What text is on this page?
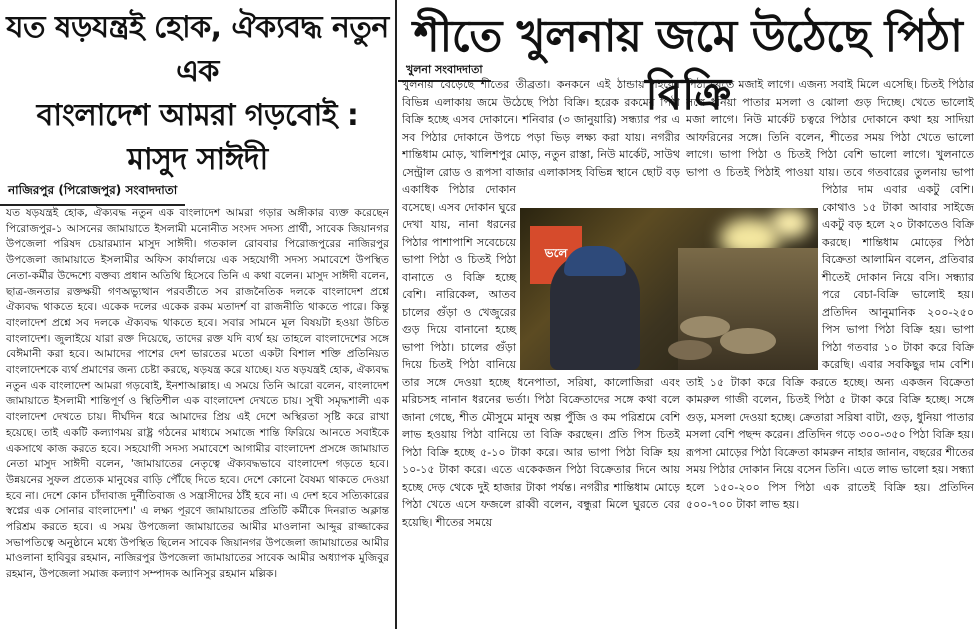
যত ষড়যন্ত্রই হোক, ঐক্যবদ্ধ নতুন এক
বাংলাদেশ আমরা গড়বোই : মাসুদ সাঈদী
নাজিরপুর (পিরোজপুর) সংবাদদাতা

যত ষড়যন্ত্রই হোক, ঐক্যবদ্ধ নতুন এক বাংলাদেশ আমরা গড়ার অঙ্গীকার ব্যক্ত করেছেন পিরোজপুর-১ আসনের জামায়াতে ইসলামী মনোনীত সংসদ সদস্য প্রার্থী, সাবেক জিয়ানগর উপজেলা পরিষদ চেয়ারম্যান মাসুদ সাঈদী। গতকাল রোববার পিরোজপুরের নাজিরপুর উপজেলা জামায়াতে ইসলামীর অফিস কার্যালয়ে এক সহযোগী সদস্য সমাবেশে উপস্থিত নেতা-কর্মীর উদ্দেশ্যে বক্তব্য প্রধান অতিথি হিসেবে তিনি এ কথা বলেন। মাসুদ সাঈদী বলেন, ছাত্র-জনতার রক্তক্ষয়ী গণঅভ্যুত্থান পরবর্তীতে সব রাজনৈতিক দলকে বাংলাদেশ প্রশ্নে ঐক্যবদ্ধ থাকতে হবে। একেক দলের একেক রকম মতাদর্শ বা রাজনীতি থাকতে পারে। কিন্তু বাংলাদেশ প্রশ্নে সব দলকে ঐক্যবদ্ধ থাকতে হবে। সবার সামনে মূল বিষয়টা হওয়া উচিত বাংলাদেশ। জুলাইয়ে যারা রক্ত দিয়েছে, তাদের রক্ত যদি ব্যর্থ হয় তাহলে বাংলাদেশের সঙ্গে বেঈমানী করা হবে। আমাদের পাশের দেশ ভারতের মতো একটা বিশাল শক্তি প্রতিনিয়ত বাংলাদেশকে ব্যর্থ প্রমাণের জন্য চেষ্টা করছে, ষড়যন্ত্র করে যাচ্ছে। যত ষড়যন্ত্রই হোক, ঐক্যবদ্ধ নতুন এক বাংলাদেশ আমরা গড়বোই, ইনশাআল্লাহ। এ সময়ে তিনি আরো বলেন, বাংলাদেশ জামায়াতে ইসলামী শান্তিপূর্ণ ও স্থিতিশীল এক বাংলাদেশ দেখতে চায়। সুখী সমৃদ্ধশালী এক বাংলাদেশ দেখতে চায়। দীর্ঘদিন ধরে আমাদের প্রিয় এই দেশে অস্থিরতা সৃষ্টি করে রাখা হয়েছে। তাই একটি কল্যাণময় রাষ্ট্র গঠনের মাধ্যমে সমাজে শান্তি ফিরিয়ে আনতে সবাইকে একসাথে কাজ করতে হবে। সহযোগী সদস্য সমাবেশে আগামীর বাংলাদেশ প্রসঙ্গে জামায়াত নেতা মাসুদ সাঈদী বলেন, 'জামায়াতের নেতৃত্বে ঐক্যবদ্ধভাবে বাংলাদেশ গড়তে হবে। উন্নয়নের সুফল প্রত্যেক মানুষের বাড়ি পৌঁছে দিতে হবে। দেশে কোনো বৈষম্য থাকতে দেওয়া হবে না। দেশে কোন চাঁদাবাজ দুর্নীতিবাজ ও সন্ত্রাসীদের ঠাঁই হবে না। এ দেশ হবে সত্যিকারের স্বপ্নের এক সোনার বাংলাদেশ।' এ লক্ষ্য পূরণে জামায়াতের প্রতিটি কর্মীকে দিনরাত অক্লান্ত পরিশ্রম করতে হবে। এ সময় উপজেলা জামায়াতের আমীর মাওলানা আব্দুর রাজ্জাকের সভাপতিত্বে অনুষ্ঠানে মধ্যে উপস্থিত ছিলেন সাবেক জিয়ানগর উপজেলা জামায়াতের আমীর মাওলানা হাবিবুর রহমান, নাজিরপুর উপজেলা জামায়াতের সাবেক আমীর অধ্যাপক মুজিবুর রহমান, উপজেলা সমাজ কল্যাণ সম্পাদক আনিসুর রহমান মল্লিক।

শীতে খুলনায় জমে উঠেছে পিঠা বিক্রি
খুলনা সংবাদদাতা

খুলনায় বেড়েছে শীতের তীব্রতা। কনকনে এই ঠান্ডায় শহরের বিভিন্ন এলাকায় জমে উঠেছে পিঠা বিক্রি। হরেক রকমের পিঠা বিক্রি হচ্ছে এসব দোকানে। শনিবার (৩ জানুয়ারি) সন্ধ্যার পর এ সব পিঠার দোকানে উপচে পড়া ভিড় লক্ষ্য করা যায়। নগরীর শান্তিধাম মোড়, খালিশপুর মোড়, নতুন রাস্তা, নিউ মার্কেট, সাউথ সেন্ট্রাল রোড ও রূপসা বাজার এলাকাসহ বিভিন্ন স্থানে ছোট বড় একাধিক পিঠার দোকান বসেছে। এসব দোকান ঘুরে দেখা যায়, নানা ধরনের পিঠার পাশাপাশি সবেচেয়ে ভাপা পিঠা ও চিতই পিঠা বানাতে ও বিক্রি হচ্ছে বেশি। নারিকেল, আতব চালের গুঁড়া ও খেজুরের গুড় দিয়ে বানানো হচ্ছে ভাপা পিঠা। চালের গুঁড়া দিয়ে চিতই পিঠা বানিয়ে তার সঙ্গে দেওয়া হচ্ছে ধনেপাতা, সরিষা, কালোজিরা এবং মরিচসহ নানান ধরনের ভর্তা। পিঠা বিক্রেতাদের সঙ্গে কথা বলে জানা গেছে, শীত মৌসুমে মানুষ অল্প পুঁজি ও কম পরিশ্রমে বেশি লাভ হওয়ায় পিঠা বানিয়ে তা বিক্রি করছেন। প্রতি পিস চিতই পিঠা বিক্রি হচ্ছে ৫-১০ টাকা করে। আর ভাপা পিঠা বিক্রি হয় ১০-১৫ টাকা করে। এতে একেকজন পিঠা বিক্রেতার দিনে আয় হচ্ছে দেড় থেকে দুই হাজার টাকা পর্যন্ত। নগরীর শান্তিধাম মোড়ে পিঠা খেতে এসে ফজলে রাব্বী বলেন, বন্ধুরা মিলে ঘুরতে বের হয়েছি। শীতের সময়ে

পিঠা খেতে মজাই লাগে। এজন্য সবাই মিলে এসেছি। চিতই পিঠার সঙ্গে ধনিয়া পাতার মসলা ও ঝোলা গুড় দিচ্ছে। খেতে ভালোই মজা লাগে। নিউ মার্কেট চত্বরে পিঠার দোকানে কথা হয় সাদিয়া আফরিনের সঙ্গে। তিনি বলেন, শীতের সময় পিঠা খেতে ভালো লাগে। ভাপা পিঠা ও চিতই পিঠা বেশি ভালো লাগে। খুলনাতে ভাপা ও চিতই পিঠাই পাওয়া যায়। তবে গতবারের তুলনায় ভাপা পিঠার দাম এবার একটু বেশি। কোথাও ১৫ টাকা আবার সাইজে একটু বড় হলে ২০ টাকাতেও বিক্রি করছে। শান্তিধাম মোড়ের পিঠা বিক্রেতা আলামিন বলেন, প্রতিবার শীতেই দোকান নিয়ে বসি। সন্ধ্যার পরে বেচা-বিক্রি ভালোই হয়। প্রতিদিন আনুমানিক ২০০-২৫০ পিস ভাপা পিঠা বিক্রি হয়। ভাপা পিঠা গতবার ১০ টাকা করে বিক্রি করেছি। এবার সবকিছুর দাম বেশি। তাই ১৫ টাকা করে বিক্রি করতে হচ্ছে। অন্য একজন বিক্রেতা কামরুল গাজী বলেন, চিতই পিঠা ৫ টাকা করে বিক্রি হচ্ছে। সঙ্গে গুড়, মসলা দেওয়া হচ্ছে। ক্রেতারা সরিষা বাটা, গুড়, ধুনিয়া পাতার মসলা বেশি পছন্দ করেন। প্রতিদিন গড়ে ৩০০-৩৫০ পিঠা বিক্রি হয়। রূপসা মোড়ের পিঠা বিক্রেতা কামরুন নাহার জানান, বছরের শীতের সময় পিঠার দোকান নিয়ে বসেন তিনি। এতে লাভ ভালো হয়। সন্ধ্যা হলে ১৫০-২০০ পিস পিঠা এক রাতেই বিক্রি হয়। প্রতিদিন ৫০০-৭০০ টাকা লাভ হয়।

ভলে
